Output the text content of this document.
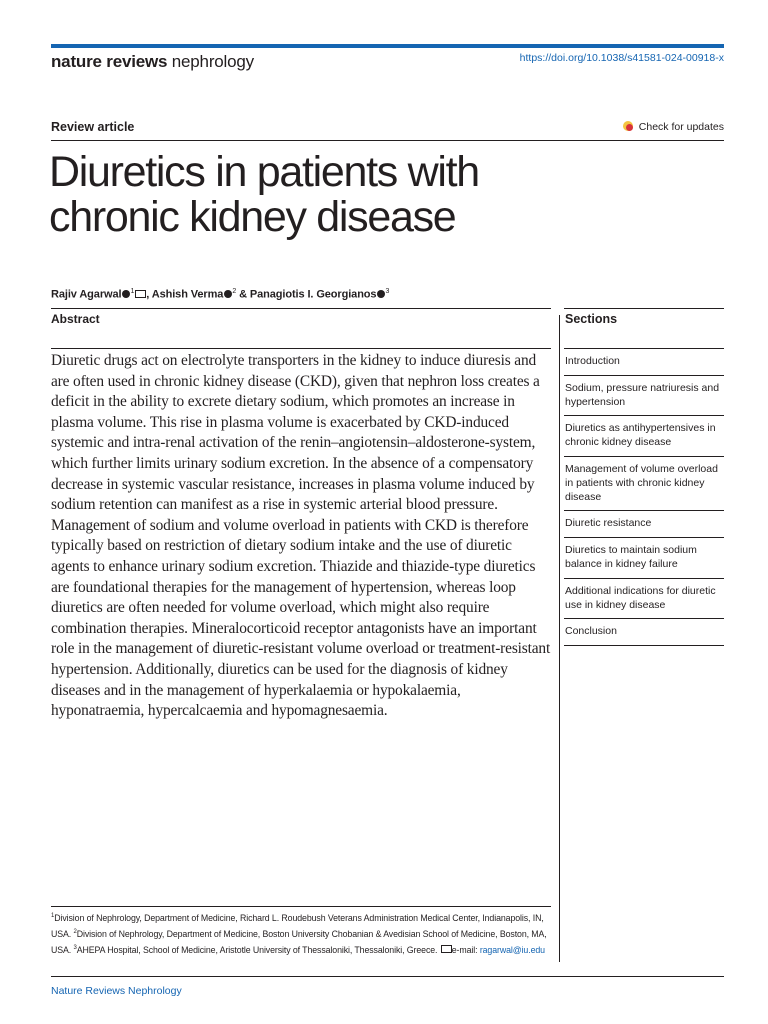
nature reviews nephrology	https://doi.org/10.1038/s41581-024-00918-x
Review article	Check for updates
Diuretics in patients with chronic kidney disease
Rajiv Agarwal $^1$ , Ashish Verma $^2$ & Panagiotis I. Georgianos $^3$
Abstract

Diuretic drugs act on electrolyte transporters in the kidney to induce diuresis and are often used in chronic kidney disease (CKD), given that nephron loss creates a deficit in the ability to excrete dietary sodium, which promotes an increase in plasma volume. This rise in plasma volume is exacerbated by CKD-induced systemic and intra-renal activation of the renin–angiotensin–aldosterone-system, which further limits urinary sodium excretion. In the absence of a compensatory decrease in systemic vascular resistance, increases in plasma volume induced by sodium retention can manifest as a rise in systemic arterial blood pressure. Management of sodium and volume overload in patients with CKD is therefore typically based on restriction of dietary sodium intake and the use of diuretic agents to enhance urinary sodium excretion. Thiazide and thiazide-type diuretics are foundational therapies for the management of hypertension, whereas loop diuretics are often needed for volume overload, which might also require combination therapies. Mineralocorticoid receptor antagonists have an important role in the management of diuretic-resistant volume overload or treatment-resistant hypertension. Additionally, diuretics can be used for the diagnosis of kidney diseases and in the management of hyperkalaemia or hypokalaemia, hyponatraemia, hypercalcaemia and hypomagnesaemia.

Sections
Introduction
Sodium, pressure natriuresis and hypertension
Diuretics as antihypertensives in chronic kidney disease
Management of volume overload in patients with chronic kidney disease
Diuretic resistance
Diuretics to maintain sodium balance in kidney failure
Additional indications for diuretic use in kidney disease
Conclusion
$^1$Division of Nephrology, Department of Medicine, Richard L. Roudebush Veterans Administration Medical Center, Indianapolis, IN, USA. $^2$Division of Nephrology, Department of Medicine, Boston University Chobanian & Avedisian School of Medicine, Boston, MA, USA. $^3$AHEPA Hospital, School of Medicine, Aristotle University of Thessaloniki, Thessaloniki, Greece. e-mail: ragarwal@iu.edu
Nature Reviews Nephrology
